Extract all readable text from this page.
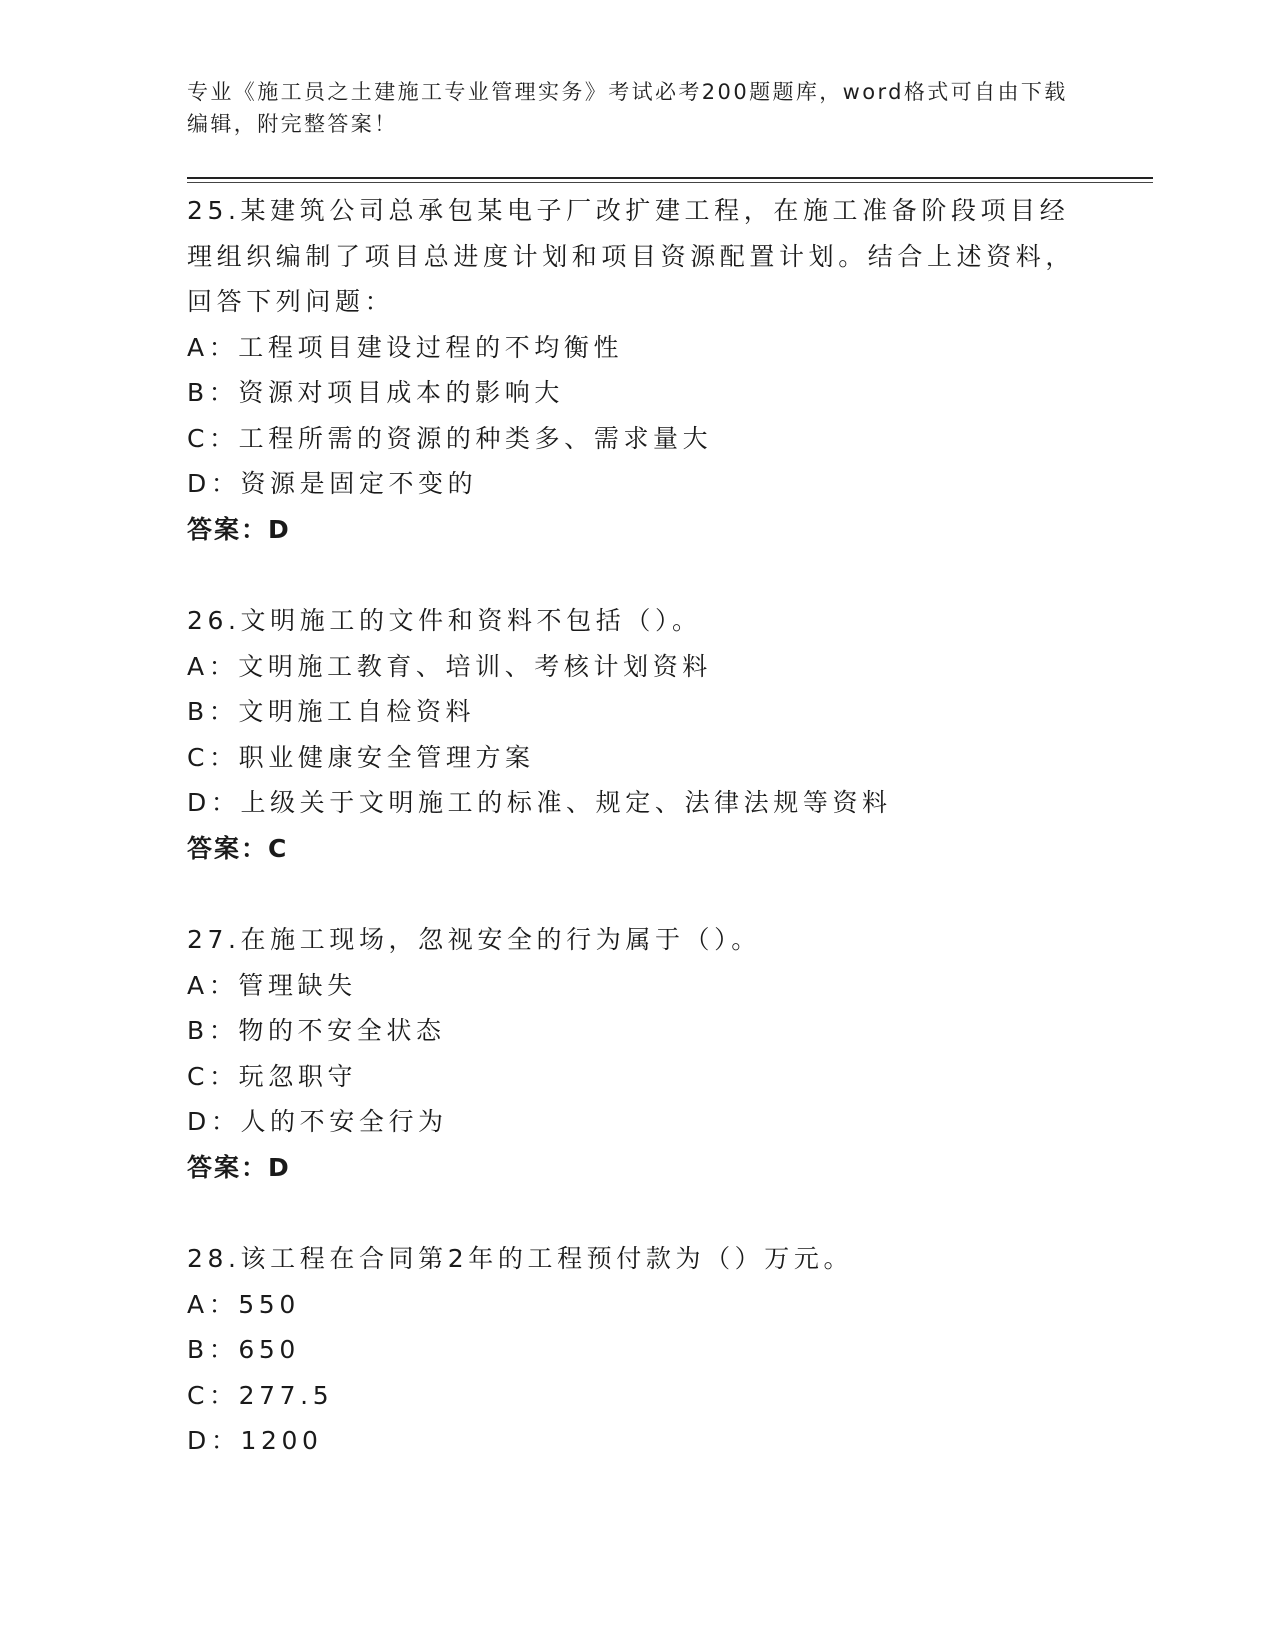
专业《施工员之土建施工专业管理实务》考试必考200题题库，word格式可自由下载编辑，附完整答案！
25.某建筑公司总承包某电子厂改扩建工程，在施工准备阶段项目经理组织编制了项目总进度计划和项目资源配置计划。结合上述资料，回答下列问题：
A：工程项目建设过程的不均衡性
B：资源对项目成本的影响大
C：工程所需的资源的种类多、需求量大
D：资源是固定不变的
答案：D
26.文明施工的文件和资料不包括（）。
A：文明施工教育、培训、考核计划资料
B：文明施工自检资料
C：职业健康安全管理方案
D：上级关于文明施工的标准、规定、法律法规等资料
答案：C
27.在施工现场，忽视安全的行为属于（）。
A：管理缺失
B：物的不安全状态
C：玩忽职守
D：人的不安全行为
答案：D
28.该工程在合同第2年的工程预付款为（）万元。
A：550
B：650
C：277.5
D：1200
